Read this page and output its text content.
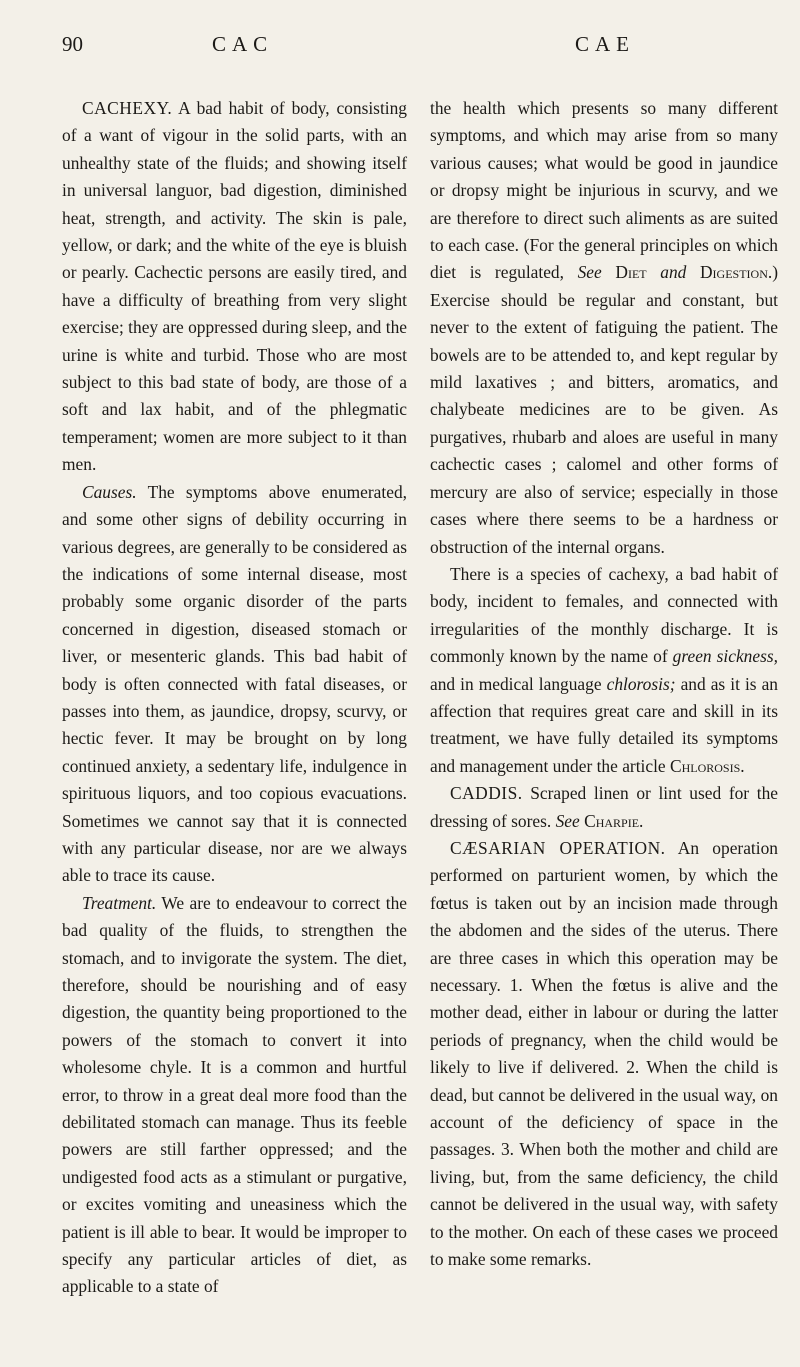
90	CAC	CAE

CACHEXY. A bad habit of body, consisting of a want of vigour in the solid parts, with an unhealthy state of the fluids; and showing itself in universal languor, bad digestion, diminished heat, strength, and activity. The skin is pale, yellow, or dark; and the white of the eye is bluish or pearly. Cachectic persons are easily tired, and have a difficulty of breathing from very slight exercise; they are oppressed during sleep, and the urine is white and turbid. Those who are most subject to this bad state of body, are those of a soft and lax habit, and of the phlegmatic temperament; women are more subject to it than men.

Causes. The symptoms above enumerated, and some other signs of debility occurring in various degrees, are generally to be considered as the indications of some internal disease, most probably some organic disorder of the parts concerned in digestion, diseased stomach or liver, or mesenteric glands. This bad habit of body is often connected with fatal diseases, or passes into them, as jaundice, dropsy, scurvy, or hectic fever. It may be brought on by long continued anxiety, a sedentary life, indulgence in spirituous liquors, and too copious evacuations. Sometimes we cannot say that it is connected with any particular disease, nor are we always able to trace its cause.

Treatment. We are to endeavour to correct the bad quality of the fluids, to strengthen the stomach, and to invigorate the system. The diet, therefore, should be nourishing and of easy digestion, the quantity being proportioned to the powers of the stomach to convert it into wholesome chyle. It is a common and hurtful error, to throw in a great deal more food than the debilitated stomach can manage. Thus its feeble powers are still farther oppressed; and the undigested food acts as a stimulant or purgative, or excites vomiting and uneasiness which the patient is ill able to bear. It would be improper to specify any particular articles of diet, as applicable to a state of

the health which presents so many different symptoms, and which may arise from so many various causes; what would be good in jaundice or dropsy might be injurious in scurvy, and we are therefore to direct such aliments as are suited to each case. (For the general principles on which diet is regulated, See Diet and Digestion.) Exercise should be regular and constant, but never to the extent of fatiguing the patient. The bowels are to be attended to, and kept regular by mild laxatives ; and bitters, aromatics, and chalybeate medicines are to be given. As purgatives, rhubarb and aloes are useful in many cachectic cases ; calomel and other forms of mercury are also of service; especially in those cases where there seems to be a hardness or obstruction of the internal organs.

There is a species of cachexy, a bad habit of body, incident to females, and connected with irregularities of the monthly discharge. It is commonly known by the name of green sickness, and in medical language chlorosis; and as it is an affection that requires great care and skill in its treatment, we have fully detailed its symptoms and management under the article Chlorosis.

CADDIS. Scraped linen or lint used for the dressing of sores. See Charpie.

CÆSARIAN OPERATION. An operation performed on parturient women, by which the fœtus is taken out by an incision made through the abdomen and the sides of the uterus. There are three cases in which this operation may be necessary. 1. When the fœtus is alive and the mother dead, either in labour or during the latter periods of pregnancy, when the child would be likely to live if delivered. 2. When the child is dead, but cannot be delivered in the usual way, on account of the deficiency of space in the passages. 3. When both the mother and child are living, but, from the same deficiency, the child cannot be delivered in the usual way, with safety to the mother. On each of these cases we proceed to make some remarks.
